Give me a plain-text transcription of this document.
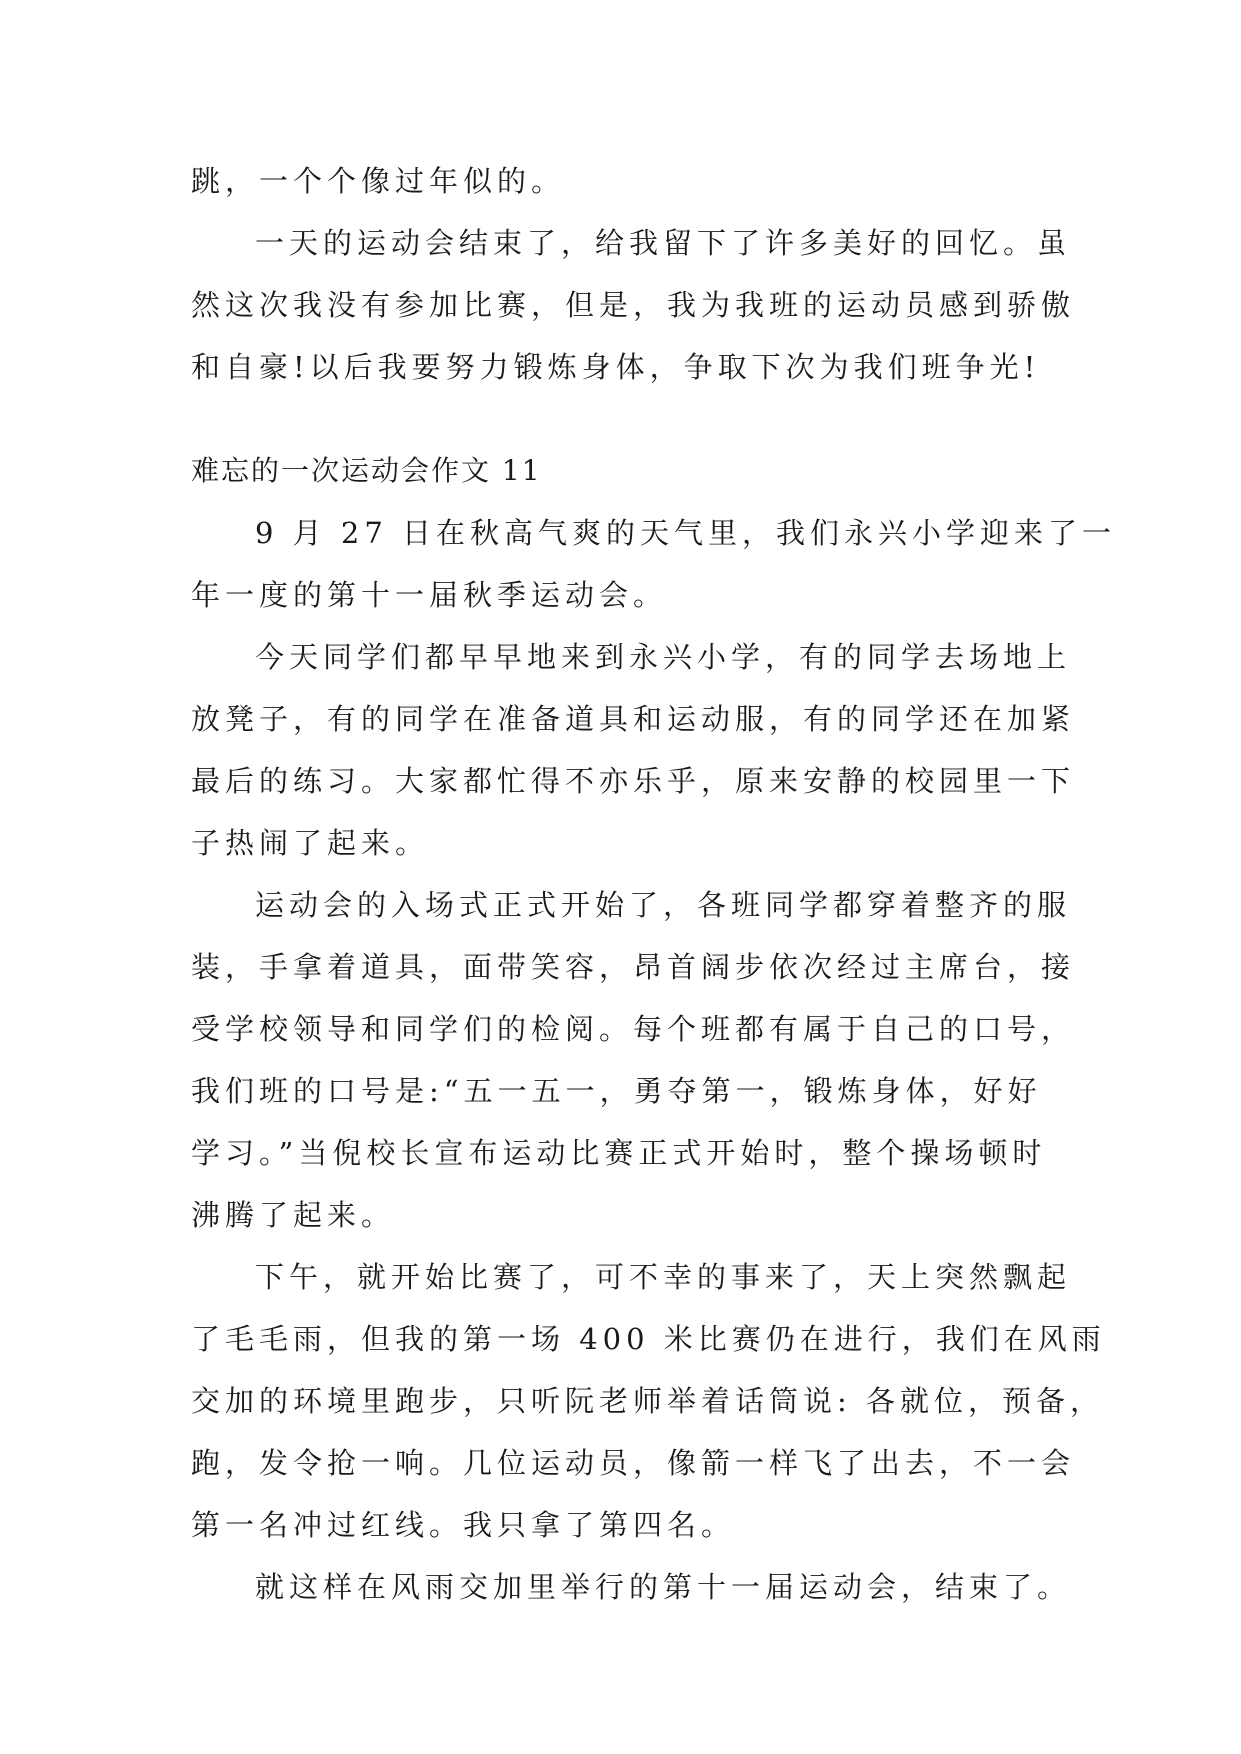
跳，一个个像过年似的。
一天的运动会结束了，给我留下了许多美好的回忆。虽
然这次我没有参加比赛，但是，我为我班的运动员感到骄傲
和自豪!以后我要努力锻炼身体，争取下次为我们班争光!
难忘的一次运动会作文 11
9 月 27 日在秋高气爽的天气里，我们永兴小学迎来了一
年一度的第十一届秋季运动会。
今天同学们都早早地来到永兴小学，有的同学去场地上
放凳子，有的同学在准备道具和运动服，有的同学还在加紧
最后的练习。大家都忙得不亦乐乎，原来安静的校园里一下
子热闹了起来。
运动会的入场式正式开始了，各班同学都穿着整齐的服
装，手拿着道具，面带笑容，昂首阔步依次经过主席台，接
受学校领导和同学们的检阅。每个班都有属于自己的口号，
我们班的口号是:“五一五一，勇夺第一，锻炼身体，好好
学习。”当倪校长宣布运动比赛正式开始时，整个操场顿时
沸腾了起来。
下午，就开始比赛了，可不幸的事来了，天上突然飘起
了毛毛雨，但我的第一场 400 米比赛仍在进行，我们在风雨
交加的环境里跑步，只听阮老师举着话筒说: 各就位，预备，
跑，发令抢一响。几位运动员，像箭一样飞了出去，不一会
第一名冲过红线。我只拿了第四名。
就这样在风雨交加里举行的第十一届运动会，结束了。
